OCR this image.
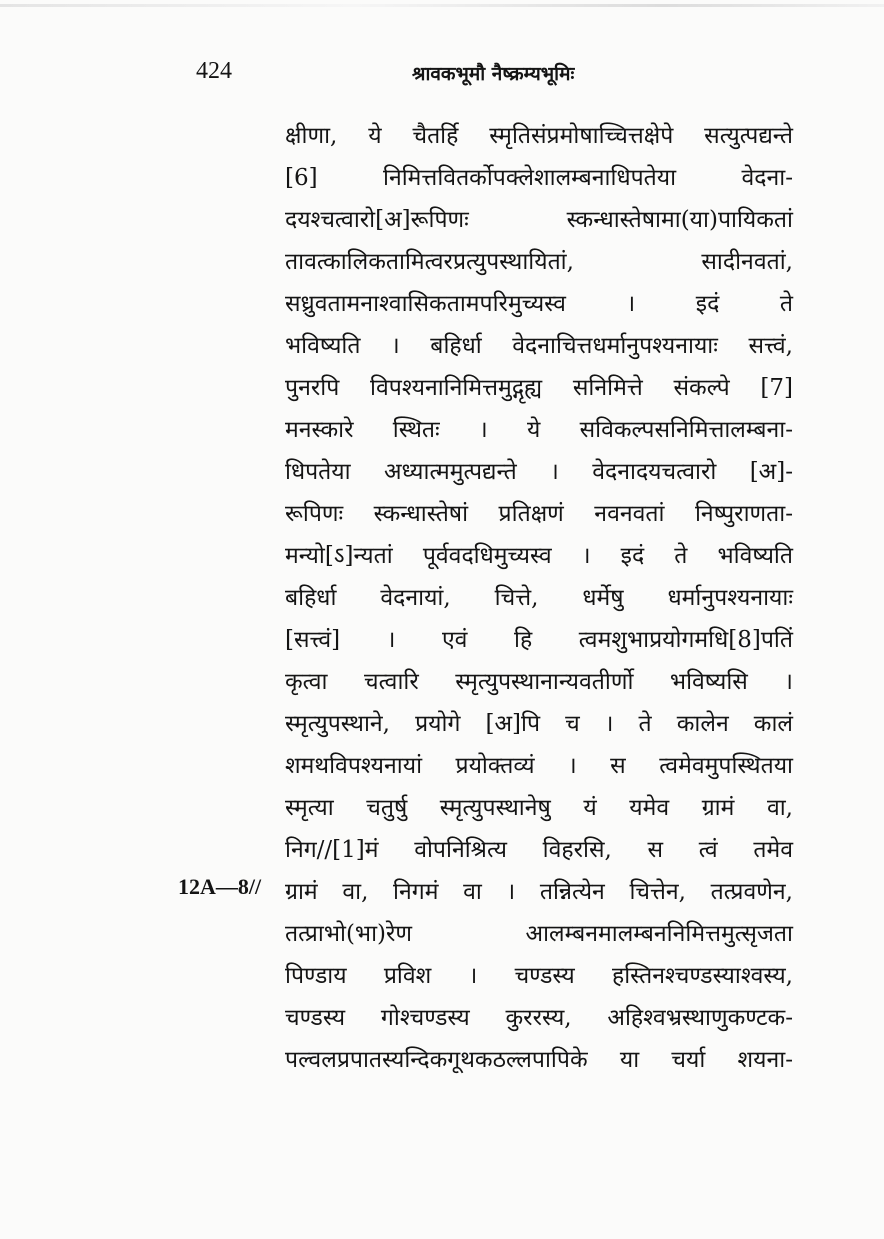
424	श्रावकभूमौ नैष्क्रम्यभूमिः
12A—8//
क्षीणा, ये चैतर्हि स्मृतिसंप्रमोषाच्चित्तक्षेपे सत्युत्पद्यन्ते
[6] निमित्तवितर्कोपक्लेशालम्बनाधिपतेया वेदना-
दयश्चत्वारो[अ]रूपिणः स्कन्धास्तेषामा(या)पायिकतां
तावत्कालिकतामित्वरप्रत्युपस्थायितां, सादीनवतां,
सध्रुवतामनाश्वासिकतामपरिमुच्यस्व । इदं ते
भविष्यति । बहिर्धा वेदनाचित्तधर्मानुपश्यनायाः सत्त्वं,
पुनरपि विपश्यनानिमित्तमुद्गृह्य सनिमित्ते संकल्पे [7]
मनस्कारे स्थितः । ये सविकल्पसनिमित्तालम्बना-
धिपतेया अध्यात्ममुत्पद्यन्ते । वेदनादयचत्वारो [अ]-
रूपिणः स्कन्धास्तेषां प्रतिक्षणं नवनवतां निष्पुराणता-
मन्यो[ऽ]न्यतां पूर्ववदधिमुच्यस्व । इदं ते भविष्यति
बहिर्धा वेदनायां, चित्ते, धर्मेषु धर्मानुपश्यनायाः
[सत्त्वं] । एवं हि त्वमशुभाप्रयोगमधि[8]पतिं
कृत्वा चत्वारि स्मृत्युपस्थानान्यवतीर्णो भविष्यसि ।
स्मृत्युपस्थाने, प्रयोगे [अ]पि च । ते कालेन कालं
शमथविपश्यनायां प्रयोक्तव्यं । स त्वमेवमुपस्थितया
स्मृत्या चतुर्षु स्मृत्युपस्थानेषु यं यमेव ग्रामं वा,
निग//[1]मं वोपनिश्रित्य विहरसि, स त्वं तमेव
ग्रामं वा, निगमं वा । तन्नित्येन चित्तेन, तत्प्रवणेन,
तत्प्राभो(भा)रेण आलम्बनमालम्बननिमित्तमुत्सृजता
पिण्डाय प्रविश । चण्डस्य हस्तिनश्चण्डस्याश्वस्य,
चण्डस्य गोश्चण्डस्य कुररस्य, अहिश्वभ्रस्थाणुकण्टक-
पल्वलप्रपातस्यन्दिकगूथकठल्लपापिके या चर्या शयना-
